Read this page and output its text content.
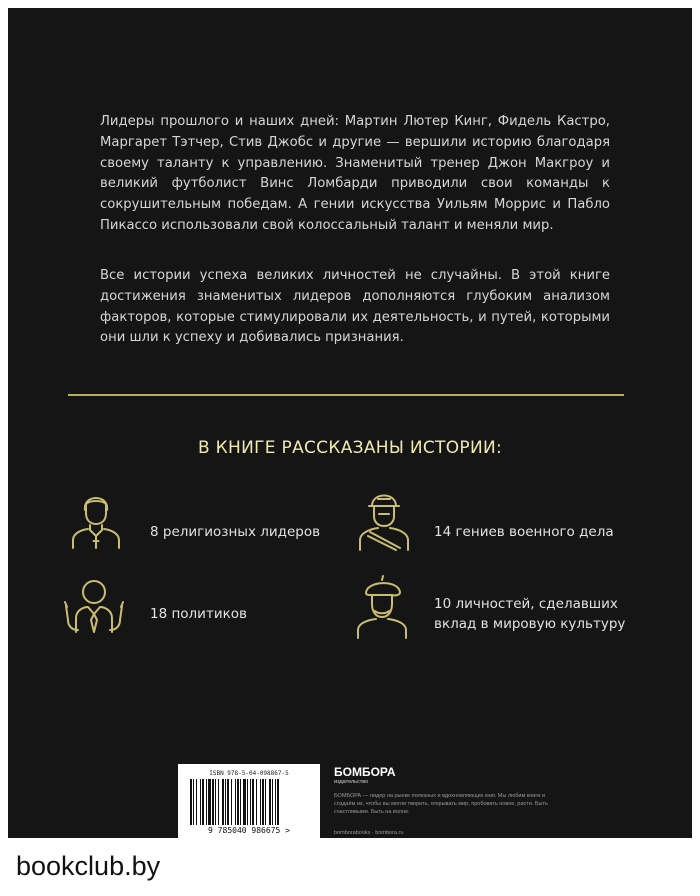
Лидеры прошлого и наших дней: Мартин Лютер Кинг, Фидель Кастро, Маргарет Тэтчер, Стив Джобс и другие — вершили историю благодаря своему таланту к управлению. Знаменитый тренер Джон Макгроу и великий футболист Винс Ломбарди приводили свои команды к сокрушительным победам. А гении искусства Уильям Моррис и Пабло Пикассо использовали свой колоссальный талант и меняли мир.

Все истории успеха великих личностей не случайны. В этой книге достижения знаменитых лидеров дополняются глубоким анализом факторов, которые стимулировали их деятельность, и путей, которыми они шли к успеху и добивались признания.

В КНИГЕ РАССКАЗАНЫ ИСТОРИИ:
8 религиозных лидеров	14 гениев военного дела
18 политиков
10 личностей, сделавших вклад в мировую культуру
ISBN 978-5-04-098867-5
9 785040 986675 >
БОМБОРА
издательство
БОМБОРА — лидер на рынке полезных и вдохновляющих книг. Мы любим книги и создаём их, чтобы вы могли творить, открывать мир, пробовать новое, расти. Быть счастливыми. Быть на волне.
bomborabooks · bombora.ru
bookclub.by
